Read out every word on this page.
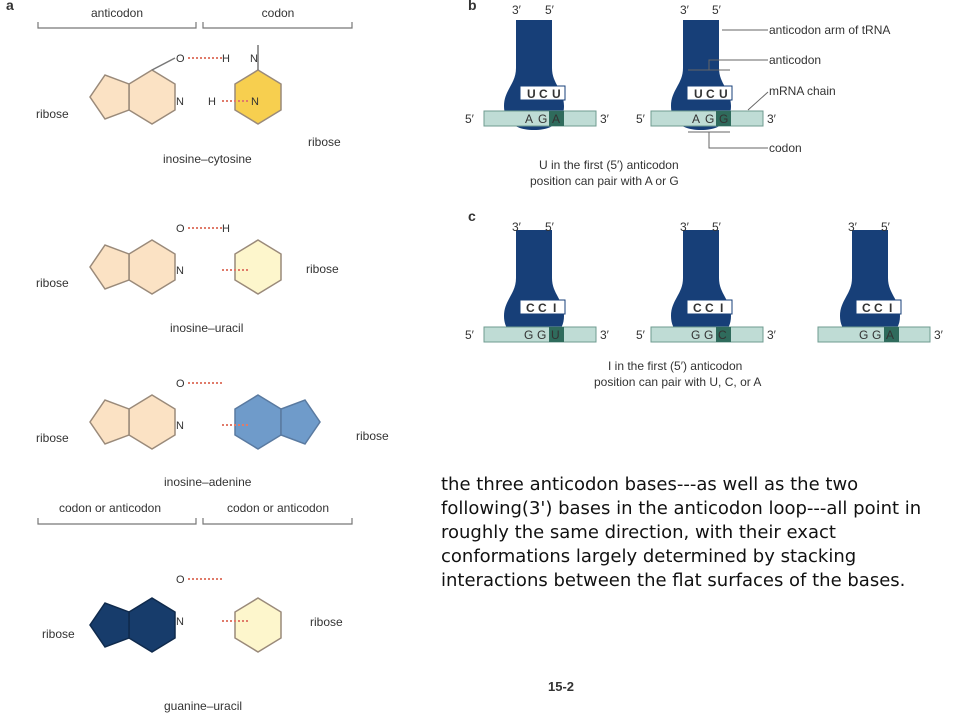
a	anticodon	codon
inosine–cytosine
ribose
ribose
inosine–uracil
ribose
ribose
inosine–adenine
ribose	ribose
codon or anticodon	codon or anticodon
guanine–uracil
ribose
ribose
O	H N
N H	N
O	H
N
O
N
O
N
b	3′ 5′
U C U
A G A
5′	3′
3′ 5′
U C U
A G G
5′	3′
anticodon arm of tRNA
anticodon
mRNA chain
codon
U in the first (5′) anticodon
position can pair with A or G
c
3′ 5′
C C I
G G U
5′	3′
3′ 5′
C C I
G G C
5′	3′
3′ 5′
C C I
G G A	3′
I in the first (5′) anticodon
position can pair with U, C, or A
the three anticodon bases---as well as the two following(3') bases in the anticodon loop---all point in roughly the same direction, with their exact conformations largely determined by stacking interactions between the flat surfaces of the bases.
15-2
